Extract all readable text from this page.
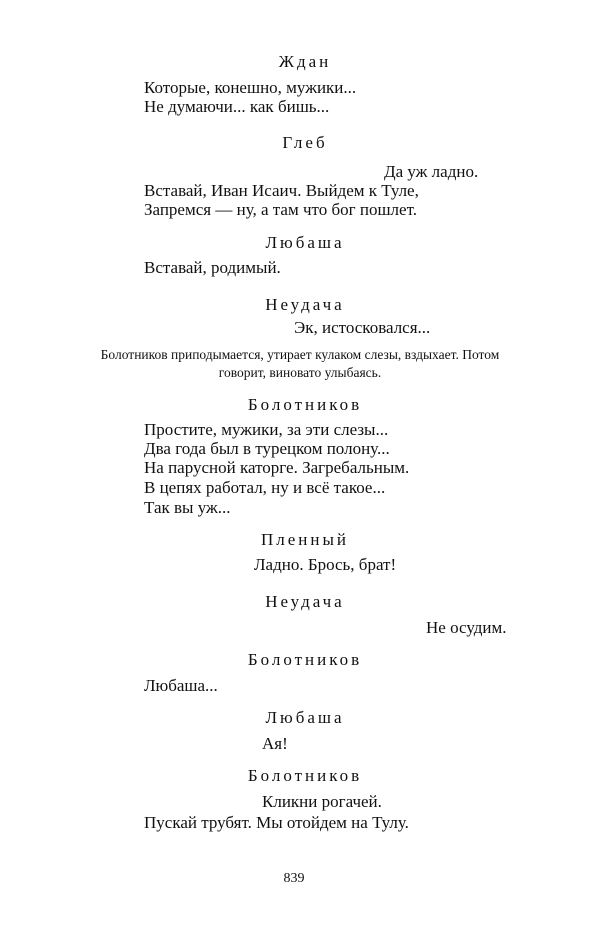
Ждан
Которые, конешно, мужики...
Не думаючи... как бишь...
Глеб
Да уж ладно.
Вставай, Иван Исаич. Выйдем к Туле,
Запремся — ну, а там что бог пошлет.
Любаша
Вставай, родимый.
Неудача
Эк, истосковался...
Болотников приподымается, утирает кулаком слезы, вздыхает. Потом
говорит, виновато улыбаясь.
Болотников
Простите, мужики, за эти слезы...
Два года был в турецком полону...
На парусной каторге. Загребальным.
В цепях работал, ну и всё такое...
Так вы уж...
Пленный
Ладно. Брось, брат!
Неудача
Не осудим.
Болотников
Любаша...
Любаша
Ая!
Болотников
Кликни рогачей.
Пускай трубят. Мы отойдем на Тулу.
839
